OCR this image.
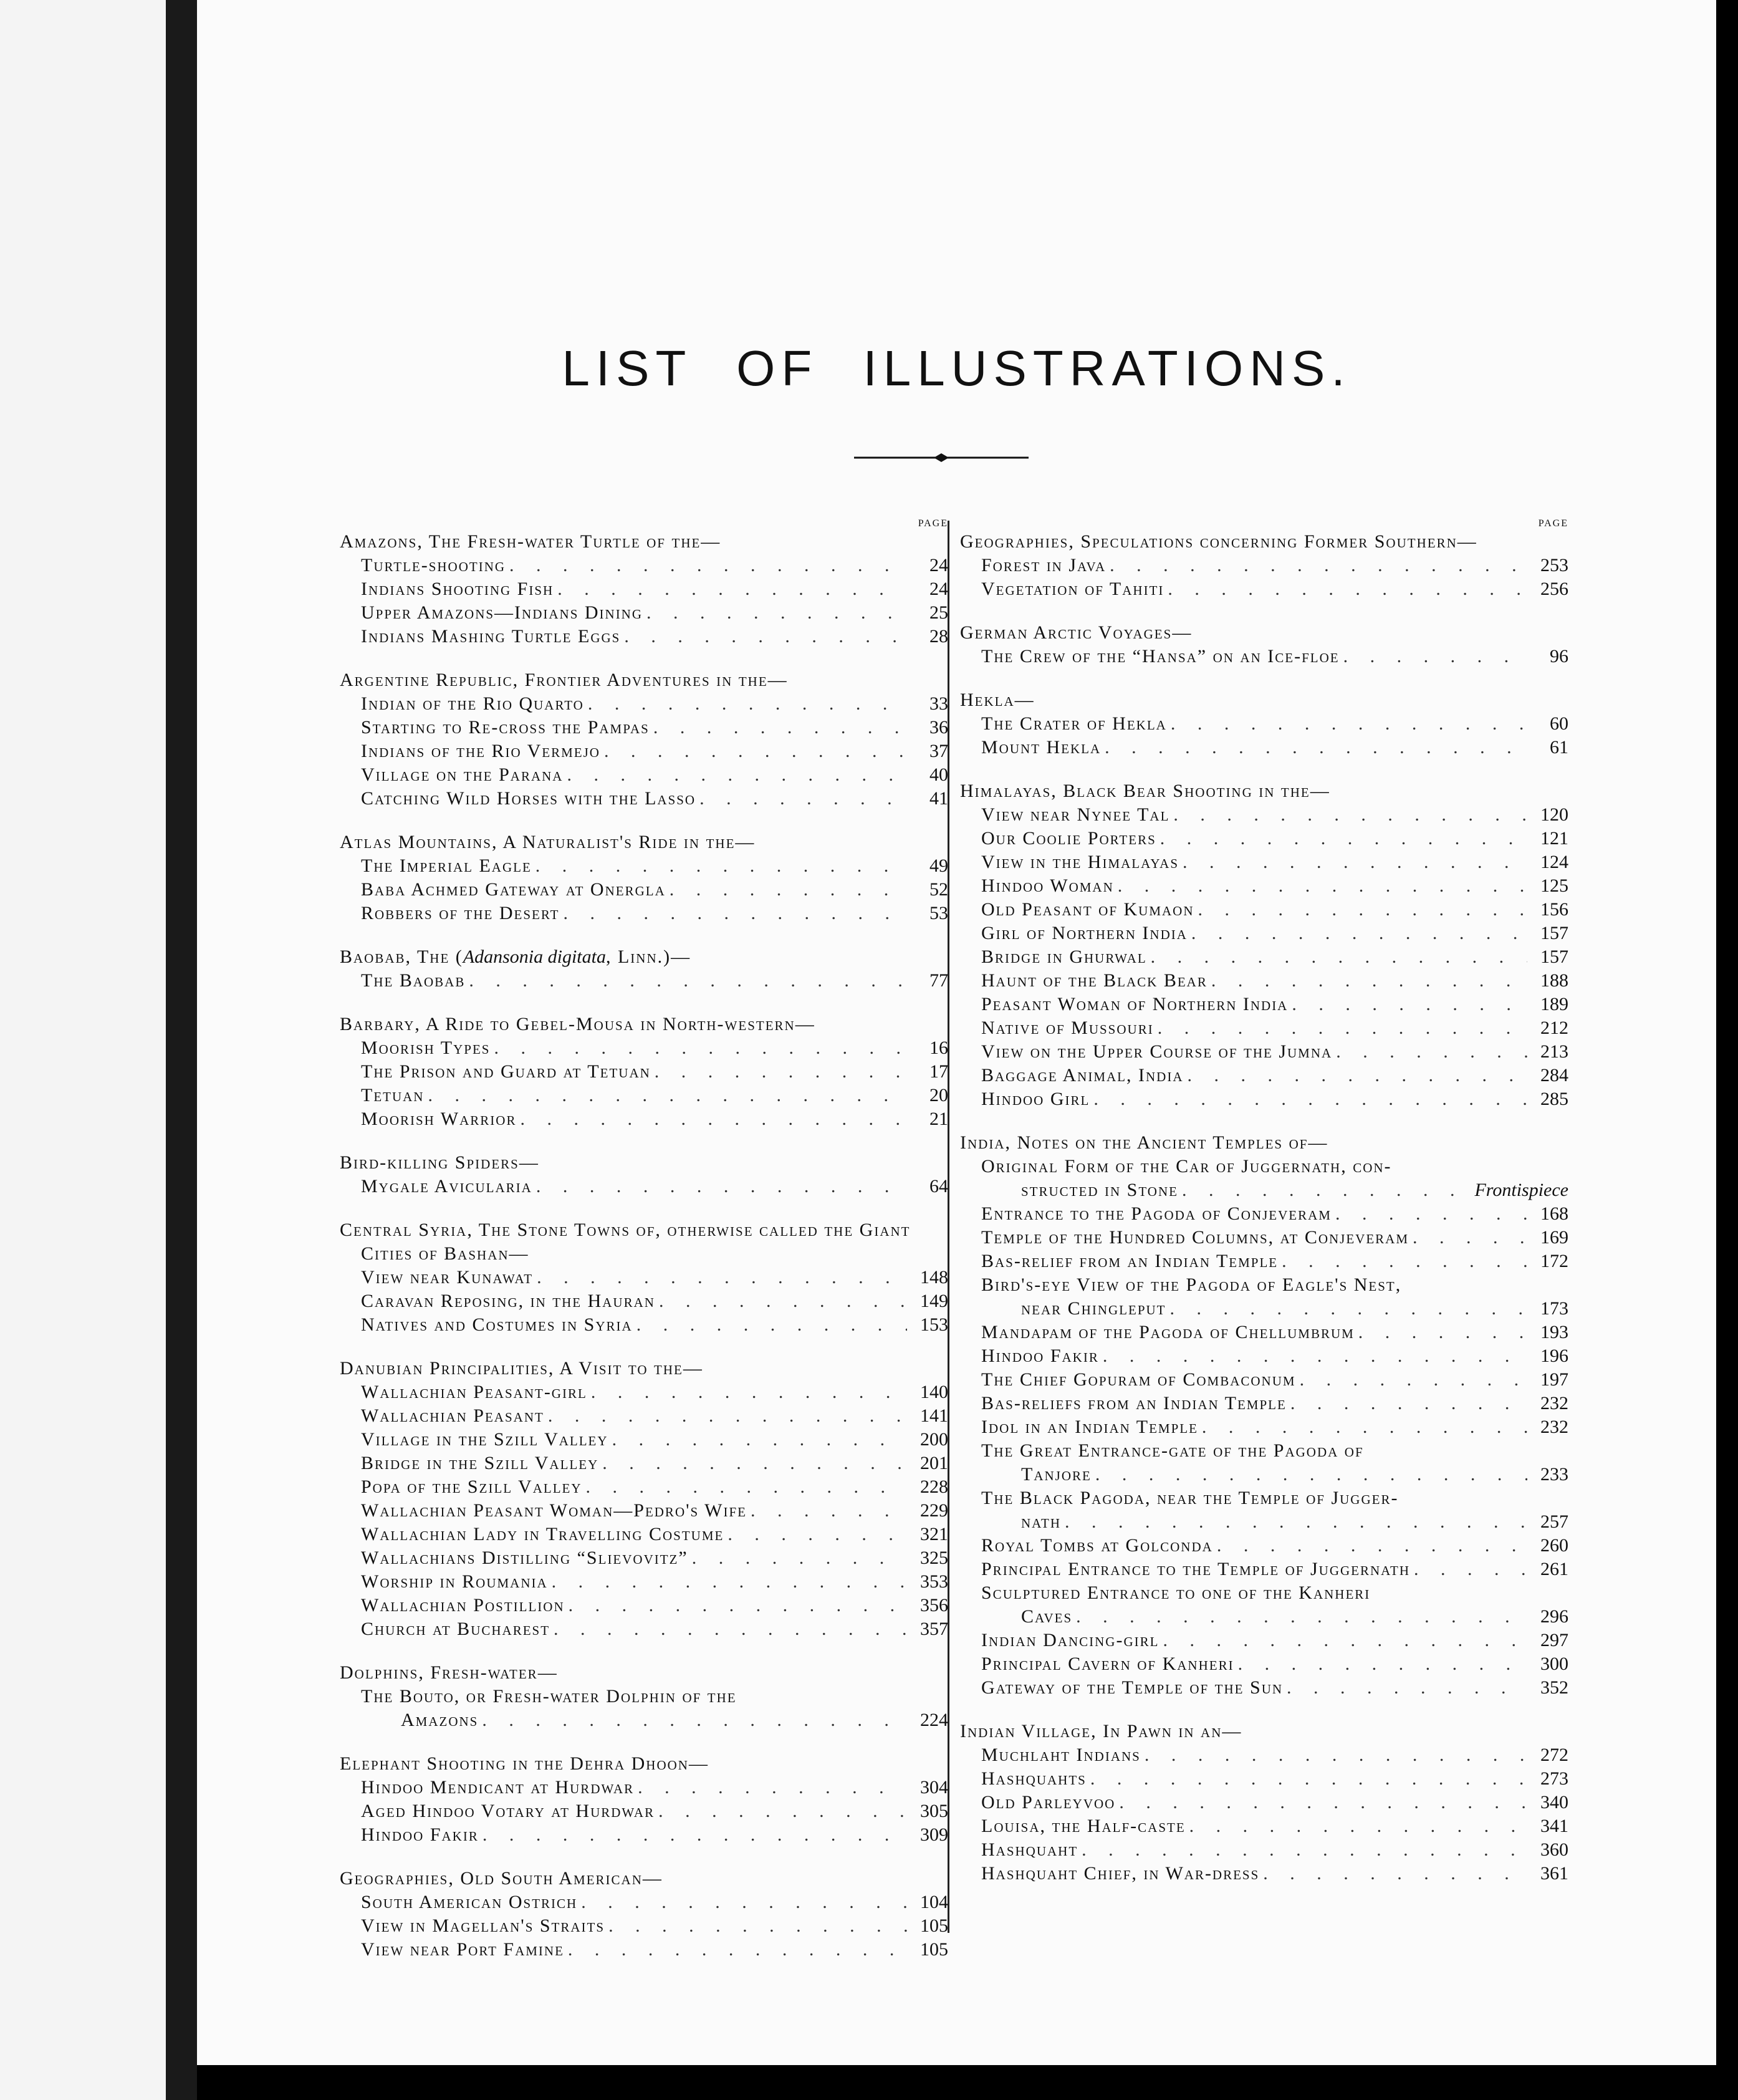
LIST OF ILLUSTRATIONS.
PAGE
Amazons, The Fresh-water Turtle of the—
Turtle-shooting . . .	24
Indians Shooting Fish . . .	24
Upper Amazons—Indians Dining . . .	25
Indians Mashing Turtle Eggs . . .	28
Argentine Republic, Frontier Adventures in the—
Indian of the Rio Quarto . . .	33
Starting to Re-cross the Pampas . . .	36
Indians of the Rio Vermejo . . .	37
Village on the Parana . . .	40
Catching Wild Horses with the Lasso . . .	41
Atlas Mountains, A Naturalist's Ride in the—
The Imperial Eagle . . .	49
Baba Achmed Gateway at Onergla . . .	52
Robbers of the Desert . . .	53
Baobab, The (Adansonia digitata, Linn.)—
The Baobab . . .	77
Barbary, A Ride to Gebel-Mousa in North-western—
Moorish Types . . .	16
The Prison and Guard at Tetuan . . .	17
Tetuan . . .	20
Moorish Warrior . . .	21
Bird-killing Spiders—
Mygale Avicularia . . .	64
Central Syria, The Stone Towns of, otherwise called the Giant Cities of Bashan—
View near Kunawat . . .	148
Caravan Reposing, in the Hauran . . .	149
Natives and Costumes in Syria . . .	153
Danubian Principalities, A Visit to the—
Wallachian Peasant-girl . . .	140
Wallachian Peasant . . .	141
Village in the Szill Valley . . .	200
Bridge in the Szill Valley . . .	201
Popa of the Szill Valley . . .	228
Wallachian Peasant Woman—Pedro's Wife . . .	229
Wallachian Lady in Travelling Costume . . .	321
Wallachians Distilling “Slievovitz” . . .	325
Worship in Roumania . . .	353
Wallachian Postillion . . .	356
Church at Bucharest . . .	357
Dolphins, Fresh-water—
The Bouto, or Fresh-water Dolphin of the
Amazons . . .	224
Elephant Shooting in the Dehra Dhoon—
Hindoo Mendicant at Hurdwar . . .	304
Aged Hindoo Votary at Hurdwar . . .	305
Hindoo Fakir . . .	309
Geographies, Old South American—
South American Ostrich . . .	104
View in Magellan's Straits . . .	105
View near Port Famine . . .	105
PAGE
Geographies, Speculations concerning Former Southern—
Forest in Java . . .	253
Vegetation of Tahiti . . .	256
German Arctic Voyages—
The Crew of the “Hansa” on an Ice-floe . . .	96
Hekla—
The Crater of Hekla . . .	60
Mount Hekla . . .	61
Himalayas, Black Bear Shooting in the—
View near Nynee Tal . . .	120
Our Coolie Porters . . .	121
View in the Himalayas . . .	124
Hindoo Woman . . .	125
Old Peasant of Kumaon . . .	156
Girl of Northern India . . .	157
Bridge in Ghurwal . . .	157
Haunt of the Black Bear . . .	188
Peasant Woman of Northern India . . .	189
Native of Mussouri . . .	212
View on the Upper Course of the Jumna . . .	213
Baggage Animal, India . . .	284
Hindoo Girl . . .	285
India, Notes on the Ancient Temples of—
Original Form of the Car of Juggernath, con-
structed in Stone . . .	Frontispiece
Entrance to the Pagoda of Conjeveram . . .	168
Temple of the Hundred Columns, at Conjeveram . . .	169
Bas-relief from an Indian Temple . . .	172
Bird's-eye View of the Pagoda of Eagle's Nest,
near Chingleput . . .	173
Mandapam of the Pagoda of Chellumbrum . . .	193
Hindoo Fakir . . .	196
The Chief Gopuram of Combaconum . . .	197
Bas-reliefs from an Indian Temple . . .	232
Idol in an Indian Temple . . .	232
The Great Entrance-gate of the Pagoda of
Tanjore . . .	233
The Black Pagoda, near the Temple of Jugger-
nath . . .	257
Royal Tombs at Golconda . . .	260
Principal Entrance to the Temple of Juggernath . . .	261
Sculptured Entrance to one of the Kanheri
Caves . . .	296
Indian Dancing-girl . . .	297
Principal Cavern of Kanheri . . .	300
Gateway of the Temple of the Sun . . .	352
Indian Village, In Pawn in an—
Muchlaht Indians . . .	272
Hashquahts . . .	273
Old Parleyvoo . . .	340
Louisa, the Half-caste . . .	341
Hashquaht . . .	360
Hashquaht Chief, in War-dress . . .	361
